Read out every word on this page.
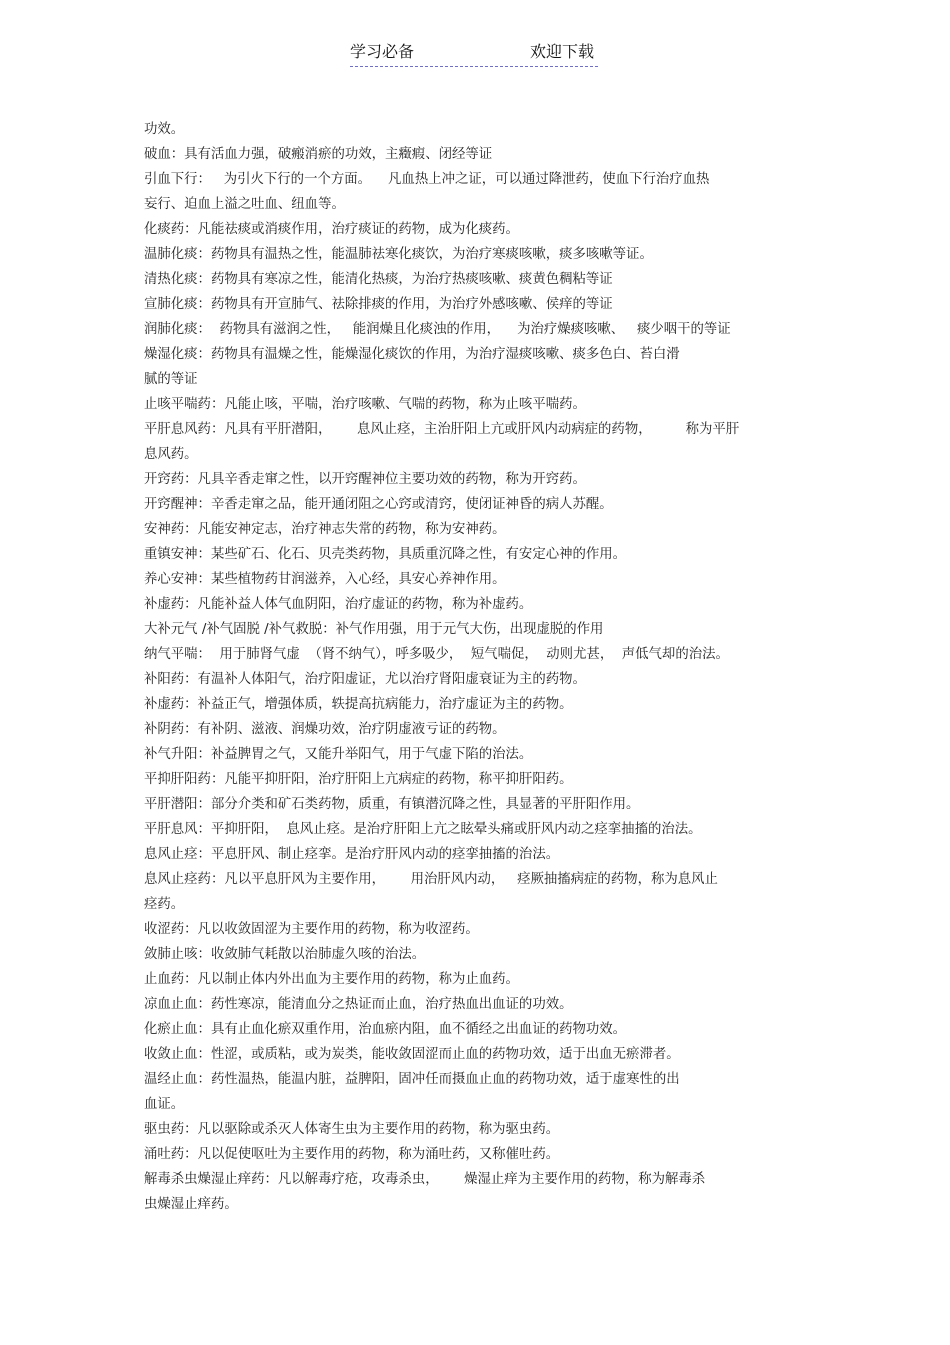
学习必备	欢迎下载
功效。
破血：具有活血力强，破瘢消瘀的功效，主癥瘕、闭经等证
引血下行：   为引火下行的一个方面。    凡血热上冲之证，可以通过降泄药，使血下行治疗血热
妄行、迫血上溢之吐血、纽血等。
化痰药：凡能祛痰或消痰作用，治疗痰证的药物，成为化痰药。
温肺化痰：药物具有温热之性，能温肺祛寒化痰饮，为治疗寒痰咳嗽，痰多咳嗽等证。
清热化痰：药物具有寒凉之性，能清化热痰，为治疗热痰咳嗽、痰黄色稠粘等证
宣肺化痰：药物具有开宣肺气、祛除排痰的作用，为治疗外感咳嗽、侯痒的等证
润肺化痰：  药物具有滋润之性，   能润燥且化痰浊的作用，    为治疗燥痰咳嗽、   痰少咽干的等证
燥湿化痰：药物具有温燥之性，能燥湿化痰饮的作用，为治疗湿痰咳嗽、痰多色白、苔白滑
腻的等证
止咳平喘药：凡能止咳，平喘，治疗咳嗽、气喘的药物，称为止咳平喘药。
平肝息风药：凡具有平肝潜阳，      息风止痉，主治肝阳上亢或肝风内动病症的药物，        称为平肝
息风药。
开窍药：凡具辛香走窜之性，以开窍醒神位主要功效的药物，称为开窍药。
开窍醒神：辛香走窜之品，能开通闭阻之心窍或清窍，使闭证神昏的病人苏醒。
安神药：凡能安神定志，治疗神志失常的药物，称为安神药。
重镇安神：某些矿石、化石、贝壳类药物，具质重沉降之性，有安定心神的作用。
养心安神：某些植物药甘润滋养，入心经，具安心养神作用。
补虚药：凡能补益人体气血阴阳，治疗虚证的药物，称为补虚药。
大补元气 /补气固脱 /补气救脱：补气作用强，用于元气大伤，出现虚脱的作用
纳气平喘：  用于肺肾气虚  （肾不纳气），呼多吸少，  短气喘促，  动则尤甚，  声低气却的治法。
补阳药：有温补人体阳气，治疗阳虚证，尤以治疗肾阳虚衰证为主的药物。
补虚药：补益正气，增强体质，轶提高抗病能力，治疗虚证为主的药物。
补阴药：有补阴、滋液、润燥功效，治疗阴虚液亏证的药物。
补气升阳：补益脾胃之气，又能升举阳气，用于气虚下陷的治法。
平抑肝阳药：凡能平抑肝阳，治疗肝阳上亢病症的药物，称平抑肝阳药。
平肝潜阳：部分介类和矿石类药物，质重，有镇潜沉降之性，具显著的平肝阳作用。
平肝息风：平抑肝阳，  息风止痉。是治疗肝阳上亢之眩晕头痛或肝风内动之痉挛抽搐的治法。
息风止痉：平息肝风、制止痉挛。是治疗肝风内动的痉挛抽搐的治法。
息风止痉药：凡以平息肝风为主要作用，      用治肝风内动，   痉厥抽搐病症的药物，称为息风止
痉药。
收涩药：凡以收敛固涩为主要作用的药物，称为收涩药。
敛肺止咳：收敛肺气耗散以治肺虚久咳的治法。
止血药：凡以制止体内外出血为主要作用的药物，称为止血药。
凉血止血：药性寒凉，能清血分之热证而止血，治疗热血出血证的功效。
化瘀止血：具有止血化瘀双重作用，治血瘀内阻，血不循经之出血证的药物功效。
收敛止血：性涩，或质粘，或为炭类，能收敛固涩而止血的药物功效，适于出血无瘀滞者。
温经止血：药性温热，能温内脏，益脾阳，固冲任而摄血止血的药物功效，适于虚寒性的出
血证。
驱虫药：凡以驱除或杀灭人体寄生虫为主要作用的药物，称为驱虫药。
涌吐药：凡以促使呕吐为主要作用的药物，称为涌吐药，又称催吐药。
解毒杀虫燥湿止痒药：凡以解毒疗疮，攻毒杀虫，      燥湿止痒为主要作用的药物，称为解毒杀
虫燥湿止痒药。
